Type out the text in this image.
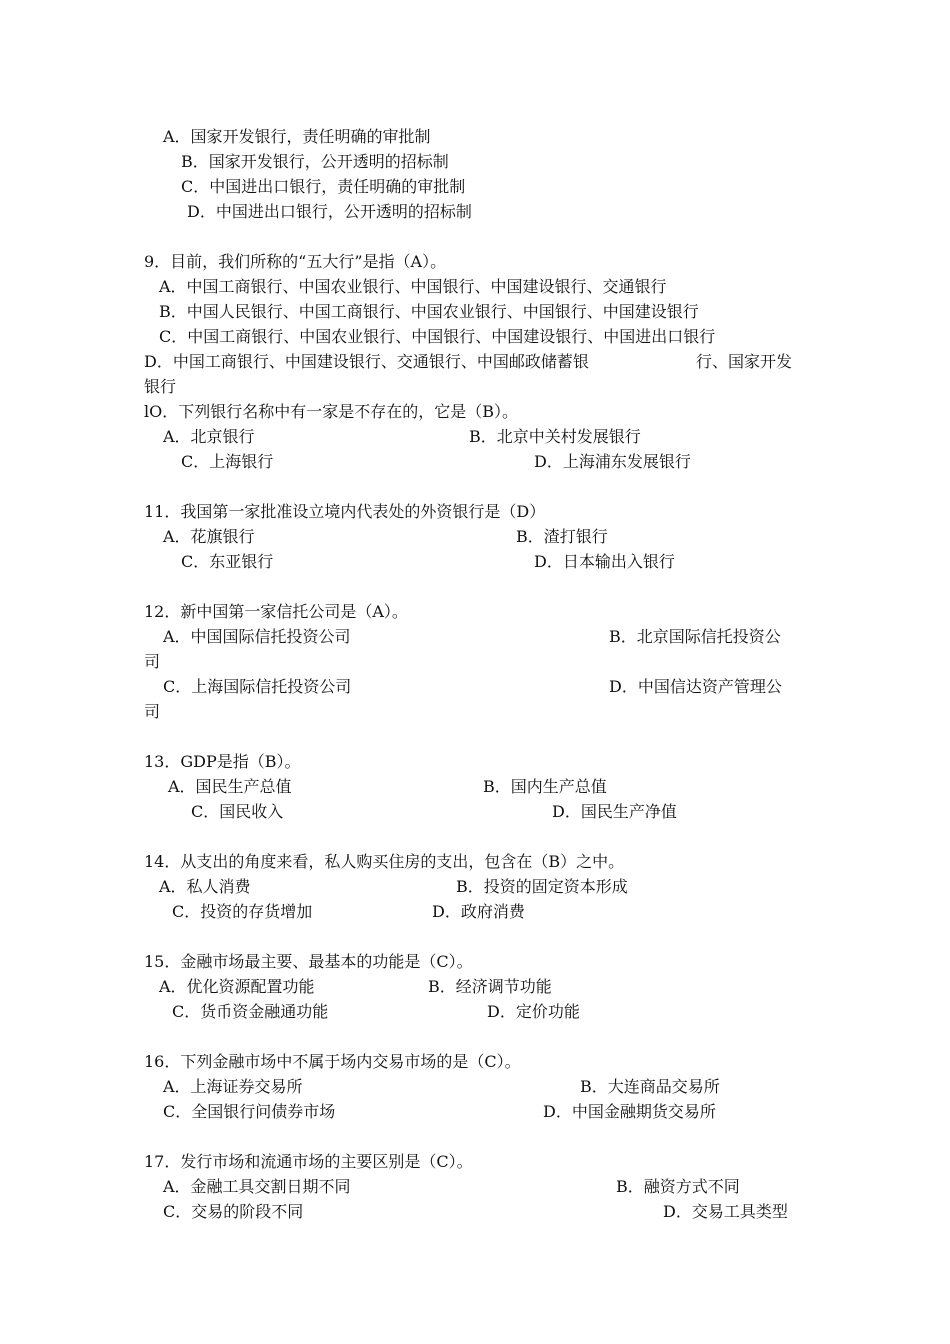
A．国家开发银行，责任明确的审批制
B．国家开发银行，公开透明的招标制
C．中国进出口银行，责任明确的审批制
D．中国进出口银行，公开透明的招标制
9．目前，我们所称的“五大行”是指（A）。
A．中国工商银行、中国农业银行、中国银行、中国建设银行、交通银行
B．中国人民银行、中国工商银行、中国农业银行、中国银行、中国建设银行
C．中国工商银行、中国农业银行、中国银行、中国建设银行、中国进出口银行
D．中国工商银行、中国建设银行、交通银行、中国邮政储蓄银	行、国家开发
银行
lO．下列银行名称中有一家是不存在的，它是（B）。
A．北京银行	B．北京中关村发展银行
C．上海银行	D．上海浦东发展银行
11．我国第一家批准设立境内代表处的外资银行是（D）
A．花旗银行	B．渣打银行
C．东亚银行	D．日本输出入银行
12．新中国第一家信托公司是（A）。
A．中国国际信托投资公司	B．北京国际信托投资公
司
C．上海国际信托投资公司	D．中国信达资产管理公
司
13．GDP是指（B）。
A．国民生产总值	B．国内生产总值
C．国民收入	D．国民生产净值
14．从支出的角度来看，私人购买住房的支出，包含在（B）之中。
A．私人消费	B．投资的固定资本形成
C．投资的存货增加	D．政府消费
15．金融市场最主要、最基本的功能是（C）。
A．优化资源配置功能	B．经济调节功能
C．货币资金融通功能	D．定价功能
16．下列金融市场中不属于场内交易市场的是（C）。
A．上海证券交易所	B．大连商品交易所
C．全国银行问债券市场	D．中国金融期货交易所
17．发行市场和流通市场的主要区别是（C）。
A．金融工具交割日期不同	B．融资方式不同
C．交易的阶段不同	D．交易工具类型
